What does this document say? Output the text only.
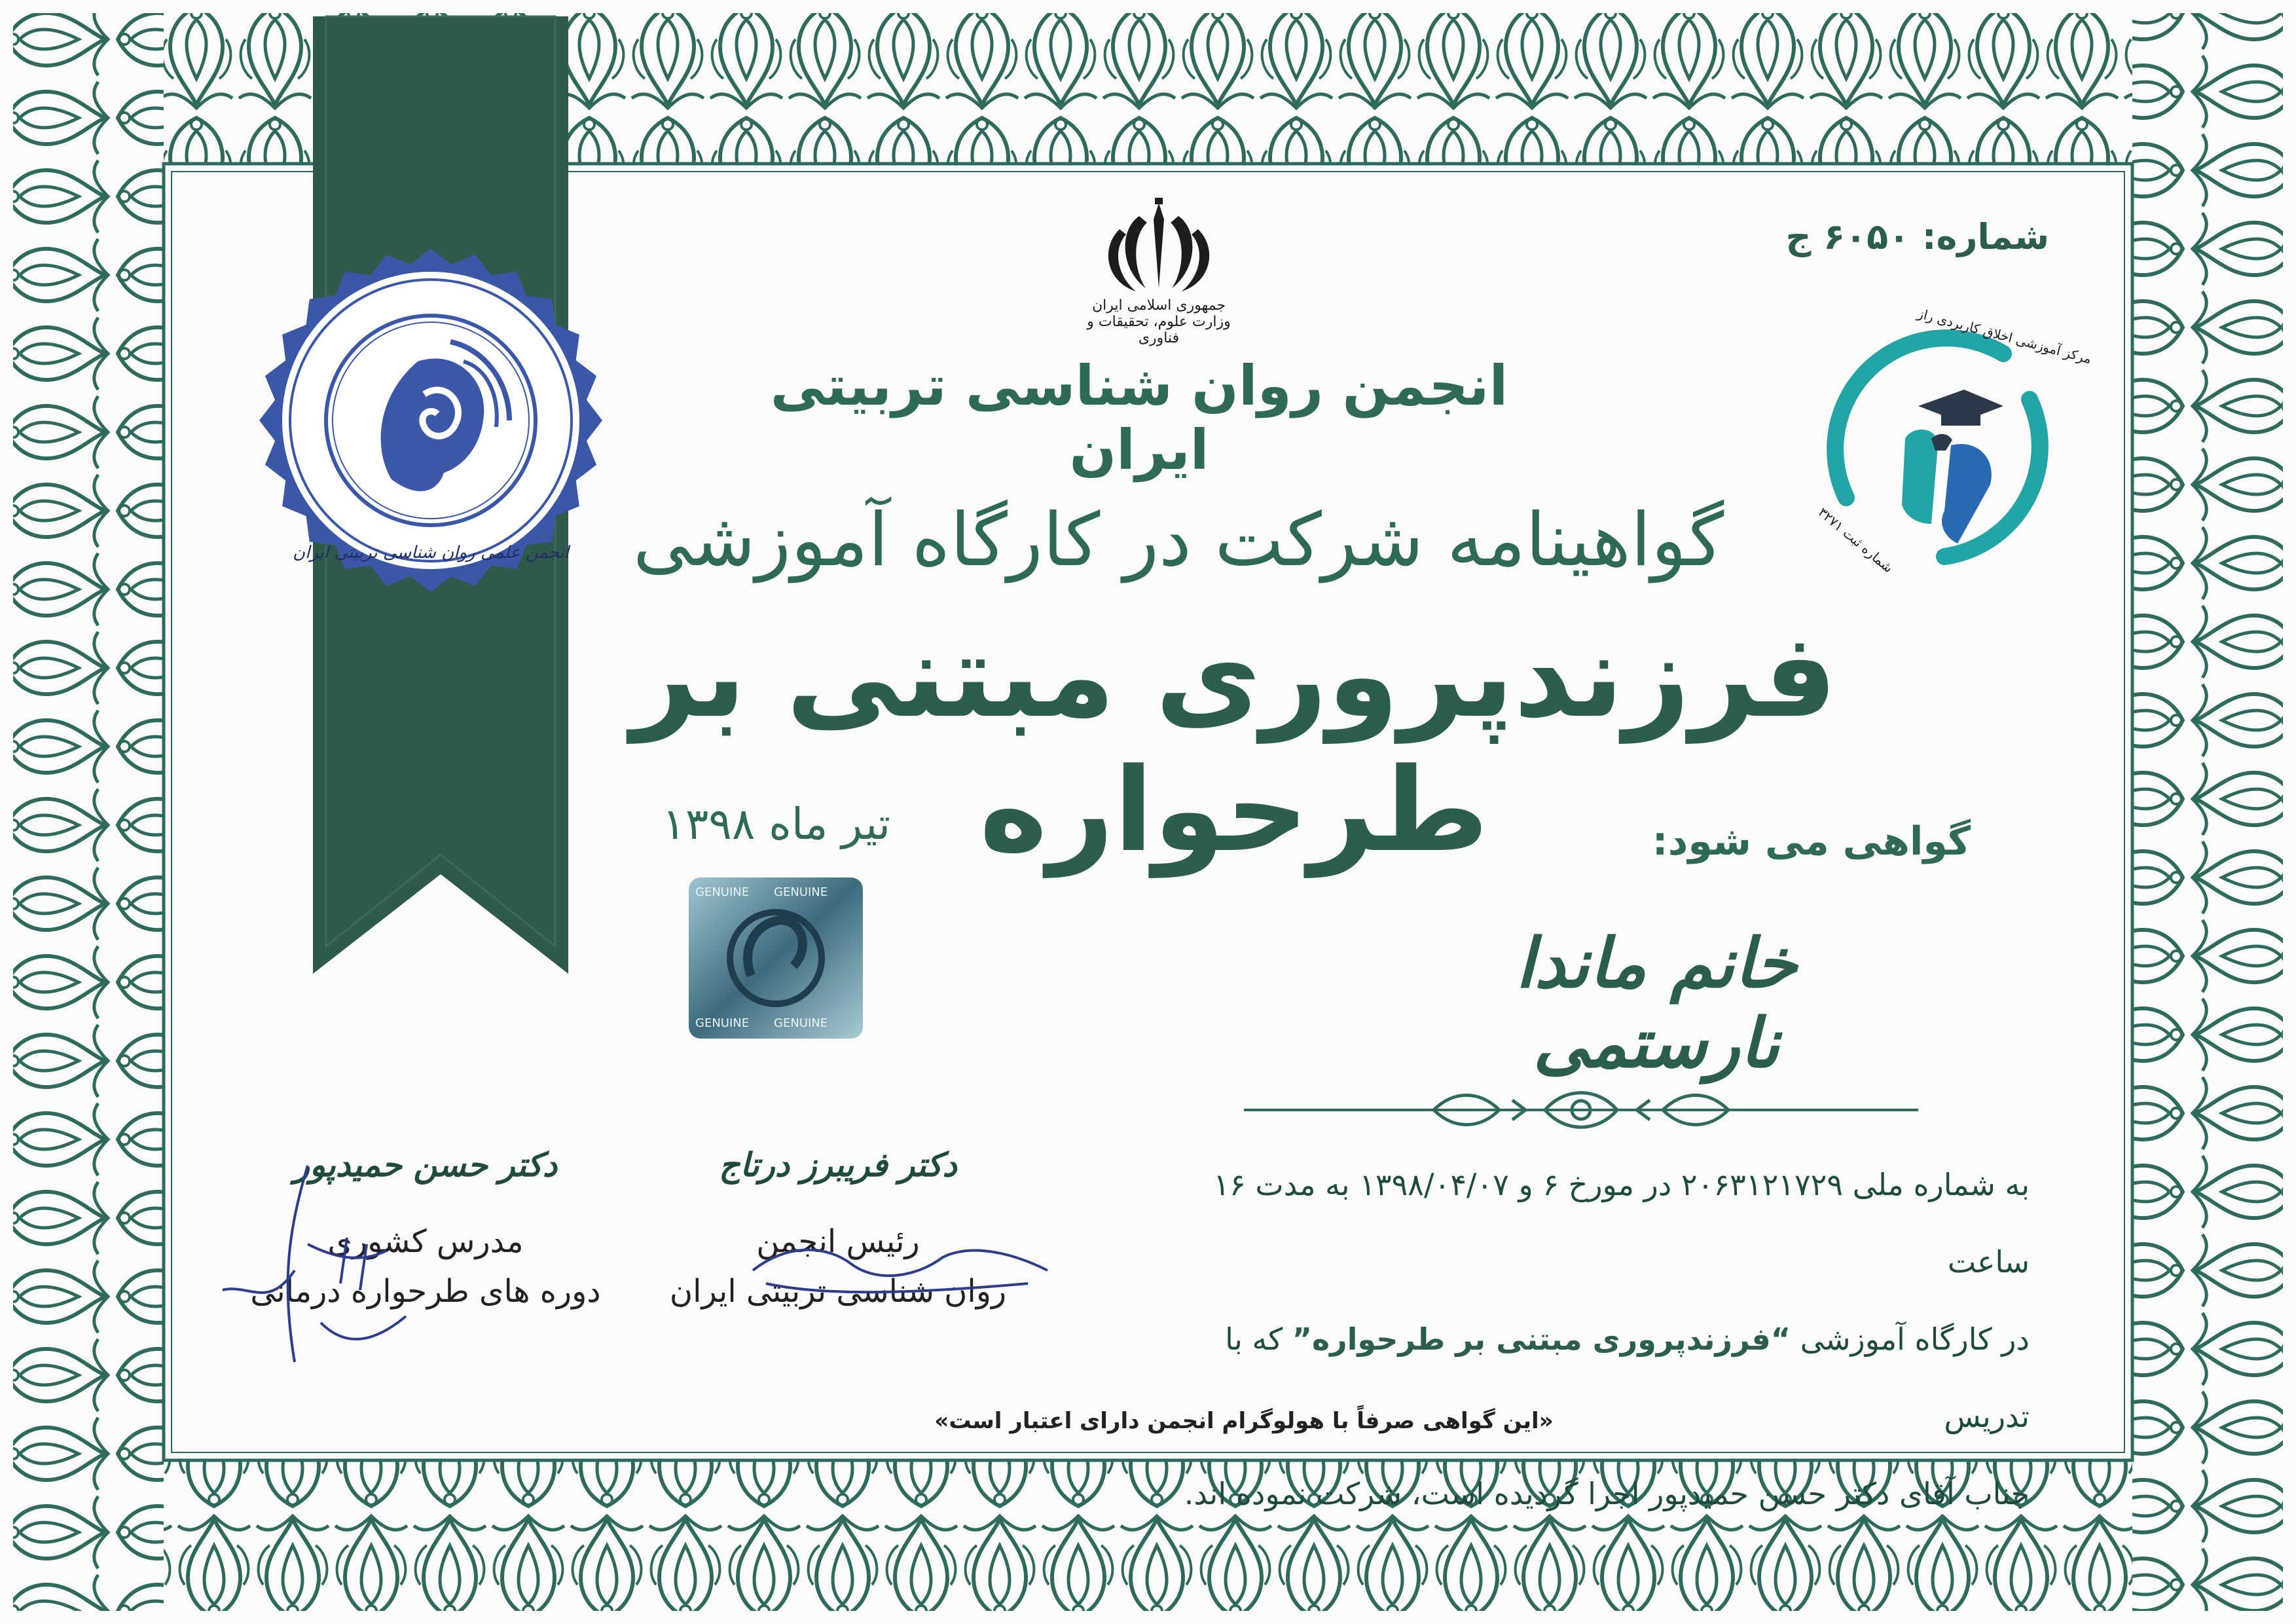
انجمن علمی روان شناسی تربیتی ایران
جمهوری اسلامی ایران
وزارت علوم، تحقیقات و فناوری	مرکز آموزشی اخلاق کاربردی راز
شماره ثبت ۳۲۷۱
شماره: ۶۰۵۰ ج
انجمن روان شناسی تربیتی ایران
گواهینامه شرکت در کارگاه آموزشی
فرزندپروری مبتنی بر طرحواره
تیر ماه ۱۳۹۸	گواهی می شود:
خانم ماندا نارستمی
GENUINE GENUINE
GENUINE GENUINE
به شماره ملی ۲۰۶۳۱۲۱۷۲۹ در مورخ ۶ و ۱۳۹۸/۰۴/۰۷ به مدت ۱۶ ساعت
در کارگاه آموزشی “فرزندپروری مبتنی بر طرحواره” که با تدریس
جناب آقای دکتر حسن حمیدپور اجرا گردیده است، شرکت نموده اند.
دکتر حسن حمیدپور
مدرس کشوری
دوره های طرحواره درمانی
دکتر فریبرز درتاج
رئیس انجمن
روان شناسی تربیتی ایران
«این گواهی صرفاً با هولوگرام انجمن دارای اعتبار است»
